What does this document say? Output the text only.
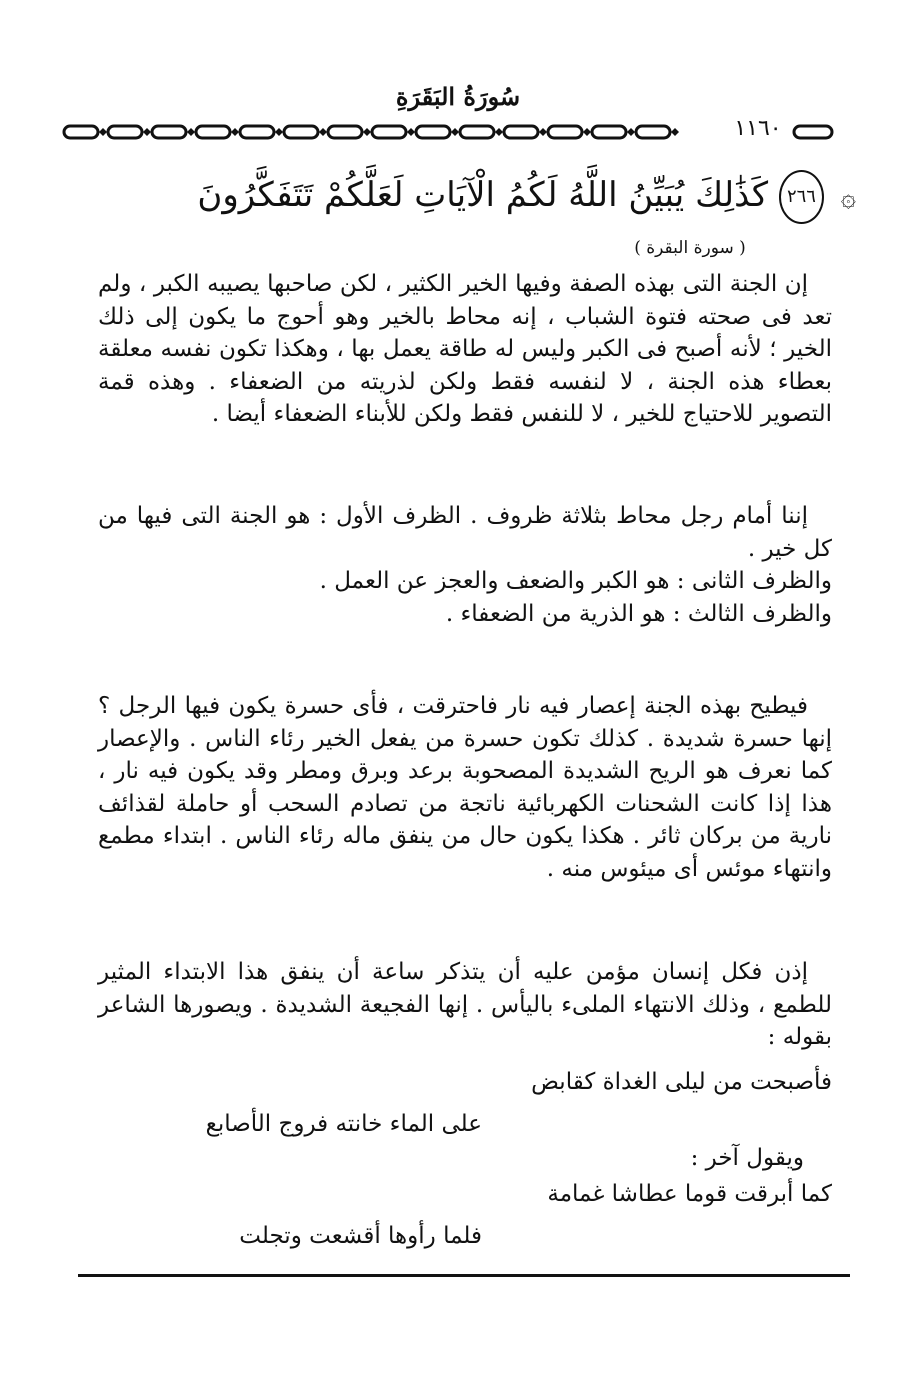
سُورَةُ البَقَرَةِ
١١٦٠
۞ ٢٦٦ كَذَٰلِكَ يُبَيِّنُ اللَّهُ لَكُمُ الْآيَاتِ لَعَلَّكُمْ تَتَفَكَّرُونَ
( سورة البقرة )

إن الجنة التى بهذه الصفة وفيها الخير الكثير ، لكن صاحبها يصيبه الكبر ، ولم تعد فى صحته فتوة الشباب ، إنه محاط بالخير وهو أحوج ما يكون إلى ذلك الخير ؛ لأنه أصبح فى الكبر وليس له طاقة يعمل بها ، وهكذا تكون نفسه معلقة بعطاء هذه الجنة ، لا لنفسه فقط ولكن لذريته من الضعفاء . وهذه قمة التصوير للاحتياج للخير ، لا للنفس فقط ولكن للأبناء الضعفاء أيضا .

إننا أمام رجل محاط بثلاثة ظروف . الظرف الأول : هو الجنة التى فيها من كل خير .
والظرف الثانى : هو الكبر والضعف والعجز عن العمل .
والظرف الثالث : هو الذرية من الضعفاء .

فيطيح بهذه الجنة إعصار فيه نار فاحترقت ، فأى حسرة يكون فيها الرجل ؟ إنها حسرة شديدة . كذلك تكون حسرة من يفعل الخير رئاء الناس . والإعصار كما نعرف هو الريح الشديدة المصحوبة برعد وبرق ومطر وقد يكون فيه نار ، هذا إذا كانت الشحنات الكهربائية ناتجة من تصادم السحب أو حاملة لقذائف نارية من بركان ثائر . هكذا يكون حال من ينفق ماله رئاء الناس . ابتداء مطمع وانتهاء موئس أى ميئوس منه .

إذن فكل إنسان مؤمن عليه أن يتذكر ساعة أن ينفق هذا الابتداء المثير للطمع ، وذلك الانتهاء الملىء باليأس . إنها الفجيعة الشديدة . ويصورها الشاعر بقوله :

فأصبحت من ليلى الغداة كقابض
على الماء خانته فروج الأصابع
ويقول آخر :
كما أبرقت قوما عطاشا غمامة
فلما رأوها أقشعت وتجلت
